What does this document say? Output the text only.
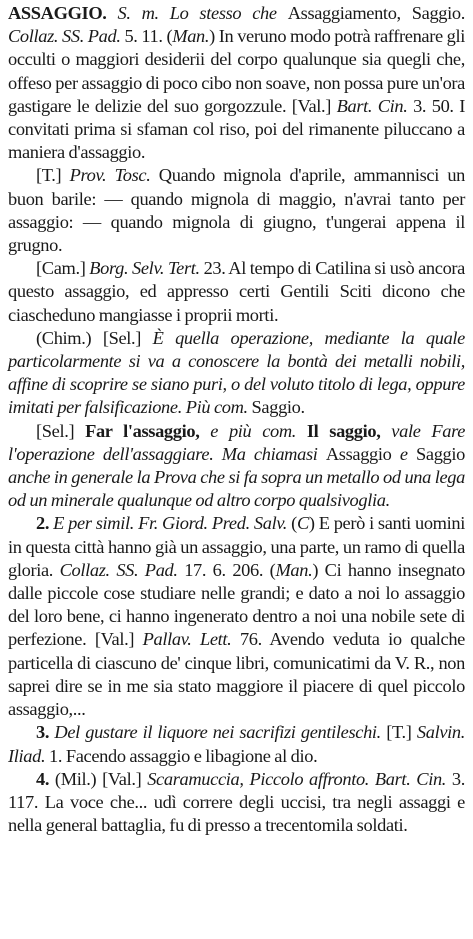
ASSAGGIO. S. m. Lo stesso che Assaggiamento, Saggio. Collaz. SS. Pad. 5. 11. (Man.) In veruno modo potrà raffrenare gli occulti o maggiori desiderii del corpo qualunque sia quegli che, offeso per assaggio di poco cibo non soave, non possa pure un'ora gastigare le delizie del suo gorgozzule. [Val.] Bart. Cin. 3. 50. I convitati prima si sfaman col riso, poi del rimanente piluccano a maniera d'assaggio.

[T.] Prov. Tosc. Quando mignola d'aprile, ammannisci un buon barile: — quando mignola di maggio, n'avrai tanto per assaggio: — quando mignola di giugno, t'ungerai appena il grugno.

[Cam.] Borg. Selv. Tert. 23. Al tempo di Catilina si usò ancora questo assaggio, ed appresso certi Gentili Sciti dicono che ciascheduno mangiasse i proprii morti.

(Chim.) [Sel.] È quella operazione, mediante la quale particolarmente si va a conoscere la bontà dei metalli nobili, affine di scoprire se siano puri, o del voluto titolo di lega, oppure imitati per falsificazione. Più com. Saggio.

[Sel.] Far l'assaggio, e più com. Il saggio, vale Fare l'operazione dell'assaggiare. Ma chiamasi Assaggio e Saggio anche in generale la Prova che si fa sopra un metallo od una lega od un minerale qualunque od altro corpo qualsivoglia.

2. E per simil. Fr. Giord. Pred. Salv. (C) E però i santi uomini in questa città hanno già un assaggio, una parte, un ramo di quella gloria. Collaz. SS. Pad. 17. 6. 206. (Man.) Ci hanno insegnato dalle piccole cose studiare nelle grandi; e dato a noi lo assaggio del loro bene, ci hanno ingenerato dentro a noi una nobile sete di perfezione. [Val.] Pallav. Lett. 76. Avendo veduta io qualche particella di ciascuno de' cinque libri, comunicatimi da V. R., non saprei dire se in me sia stato maggiore il piacere di quel piccolo assaggio,...

3. Del gustare il liquore nei sacrifizi gentileschi. [T.] Salvin. Iliad. 1. Facendo assaggio e libagione al dio.

4. (Mil.) [Val.] Scaramuccia, Piccolo affronto. Bart. Cin. 3. 117. La voce che... udì correre degli uccisi, tra negli assaggi e nella general battaglia, fu di presso a trecentomila soldati.
